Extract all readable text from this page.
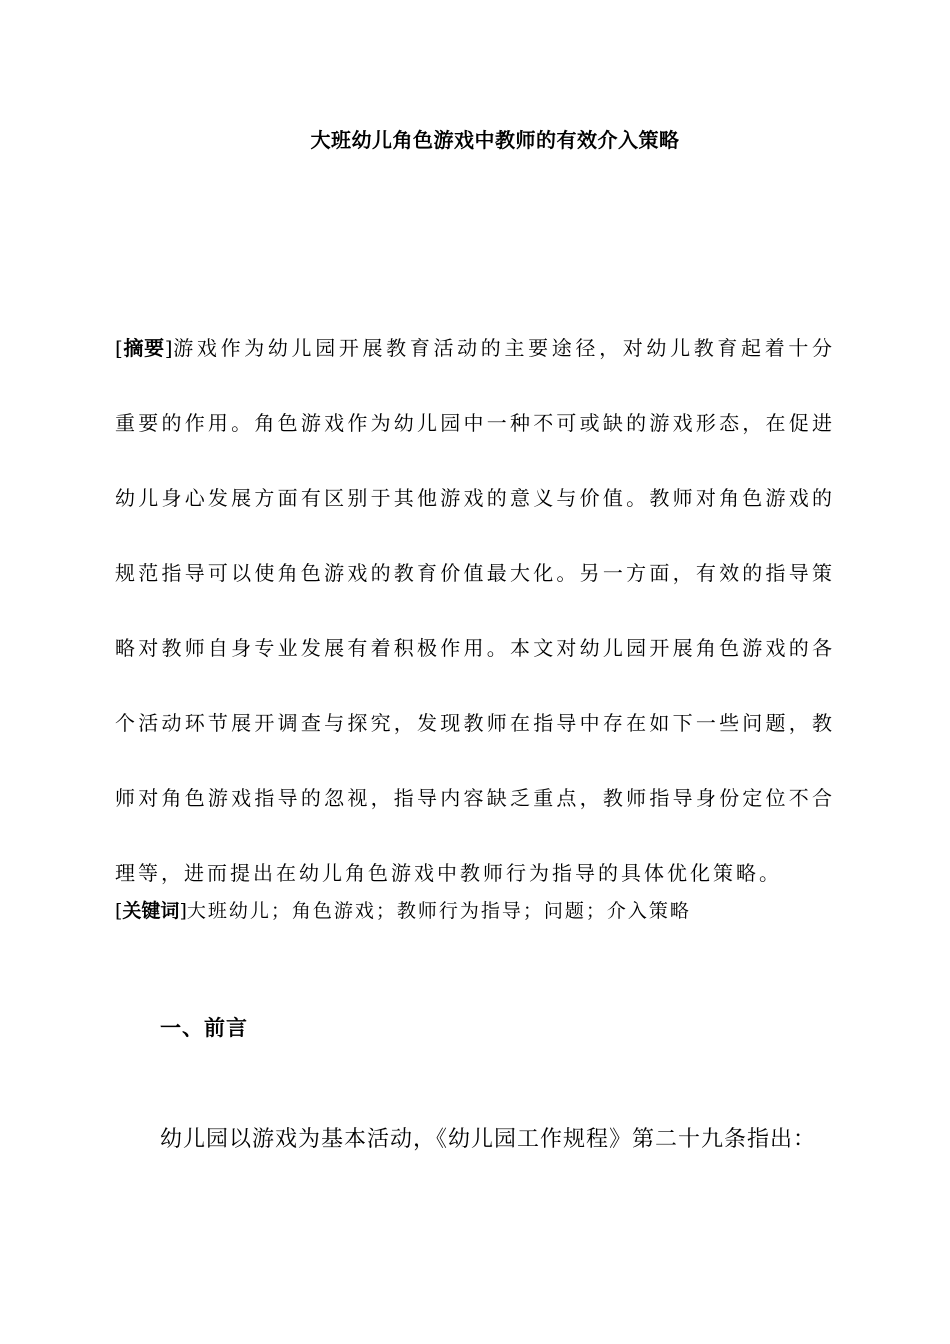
大班幼儿角色游戏中教师的有效介入策略
[摘要]游戏作为幼儿园开展教育活动的主要途径，对幼儿教育起着十分重要的作用。角色游戏作为幼儿园中一种不可或缺的游戏形态，在促进幼儿身心发展方面有区别于其他游戏的意义与价值。教师对角色游戏的规范指导可以使角色游戏的教育价值最大化。另一方面，有效的指导策略对教师自身专业发展有着积极作用。本文对幼儿园开展角色游戏的各个活动环节展开调查与探究，发现教师在指导中存在如下一些问题，教师对角色游戏指导的忽视，指导内容缺乏重点，教师指导身份定位不合理等，进而提出在幼儿角色游戏中教师行为指导的具体优化策略。
[关键词]大班幼儿；角色游戏；教师行为指导；问题；介入策略
一、前言
幼儿园以游戏为基本活动，《幼儿园工作规程》第二十九条指出：
